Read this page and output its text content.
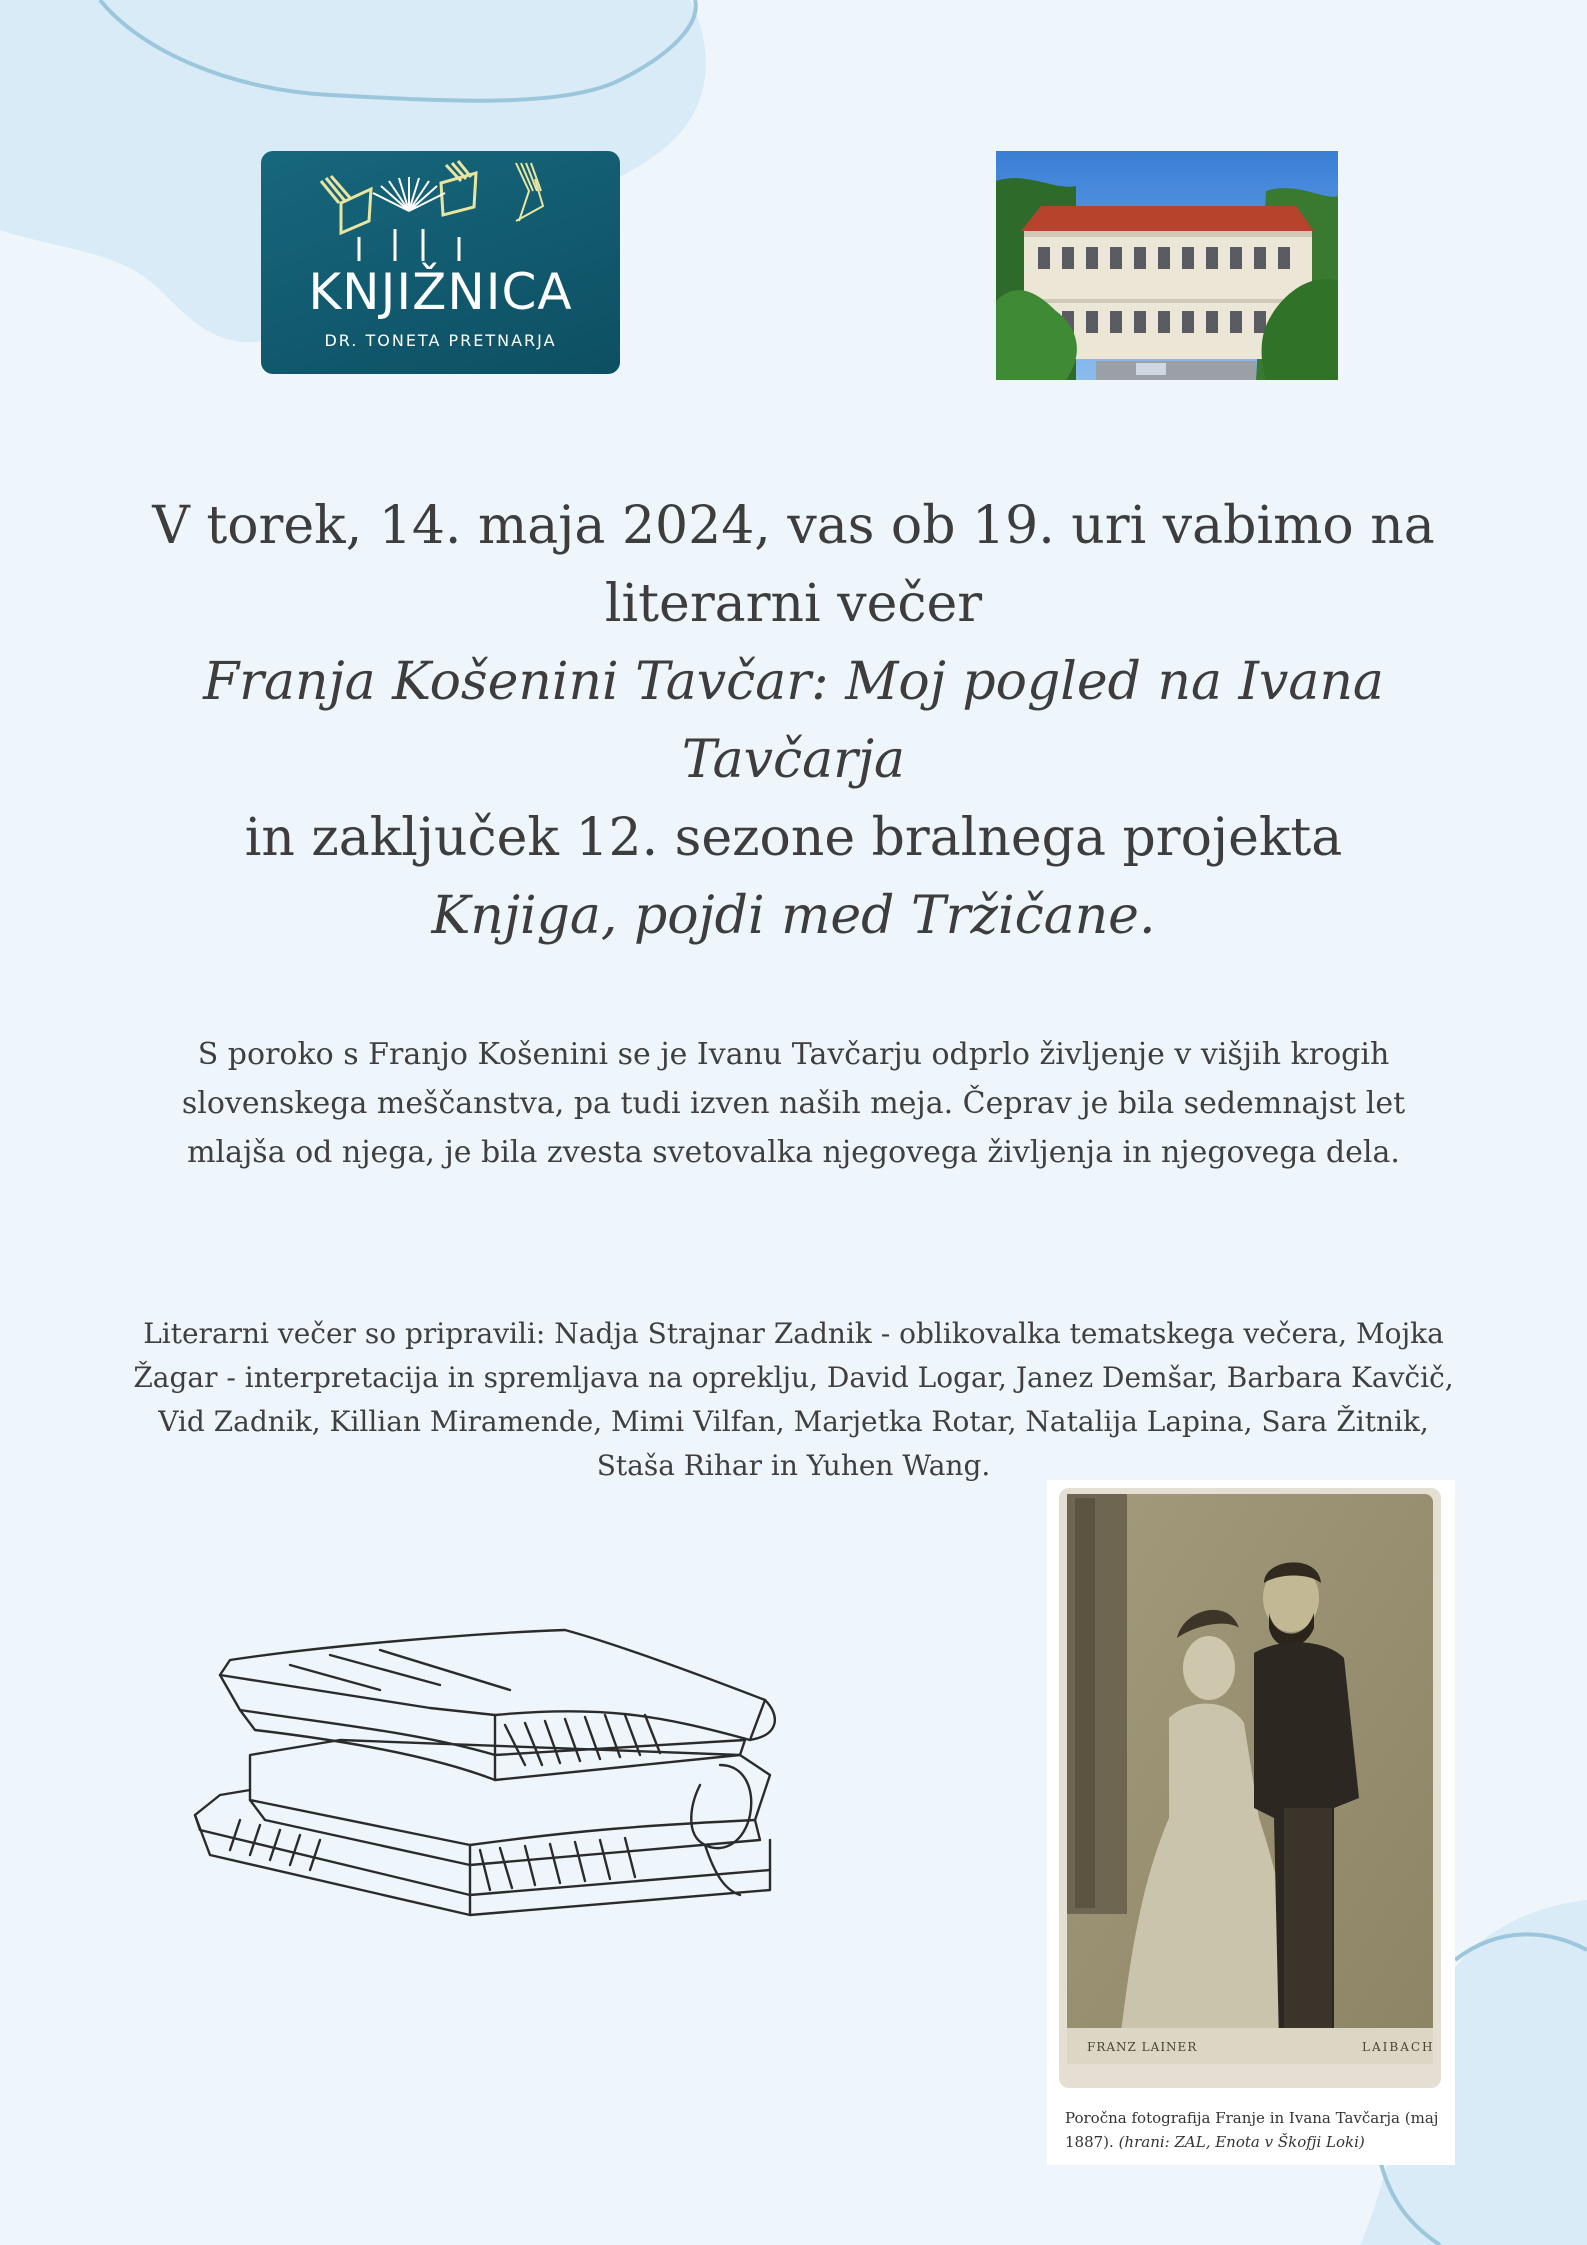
KNJIŽNICA
DR. TONETA PRETNARJA
V torek, 14. maja 2024, vas ob 19. uri vabimo na literarni večer
Franja Košenini Tavčar: Moj pogled na Ivana Tavčarja
in zaključek 12. sezone bralnega projekta
Knjiga, pojdi med Tržičane.
S poroko s Franjo Košenini se je Ivanu Tavčarju odprlo življenje v višjih krogih slovenskega meščanstva, pa tudi izven naših meja. Čeprav je bila sedemnajst let mlajša od njega, je bila zvesta svetovalka njegovega življenja in njegovega dela.
Literarni večer so pripravili: Nadja Strajnar Zadnik - oblikovalka tematskega večera, Mojka Žagar - interpretacija in spremljava na opreklju, David Logar, Janez Demšar, Barbara Kavčič, Vid Zadnik, Killian Miramende, Mimi Vilfan, Marjetka Rotar, Natalija Lapina, Sara Žitnik, Staša Rihar in Yuhen Wang.
FRANZ LAINER	LAIBACH
Poročna fotografija Franje in Ivana Tavčarja (maj 1887). (hrani: ZAL, Enota v Škofji Loki)
